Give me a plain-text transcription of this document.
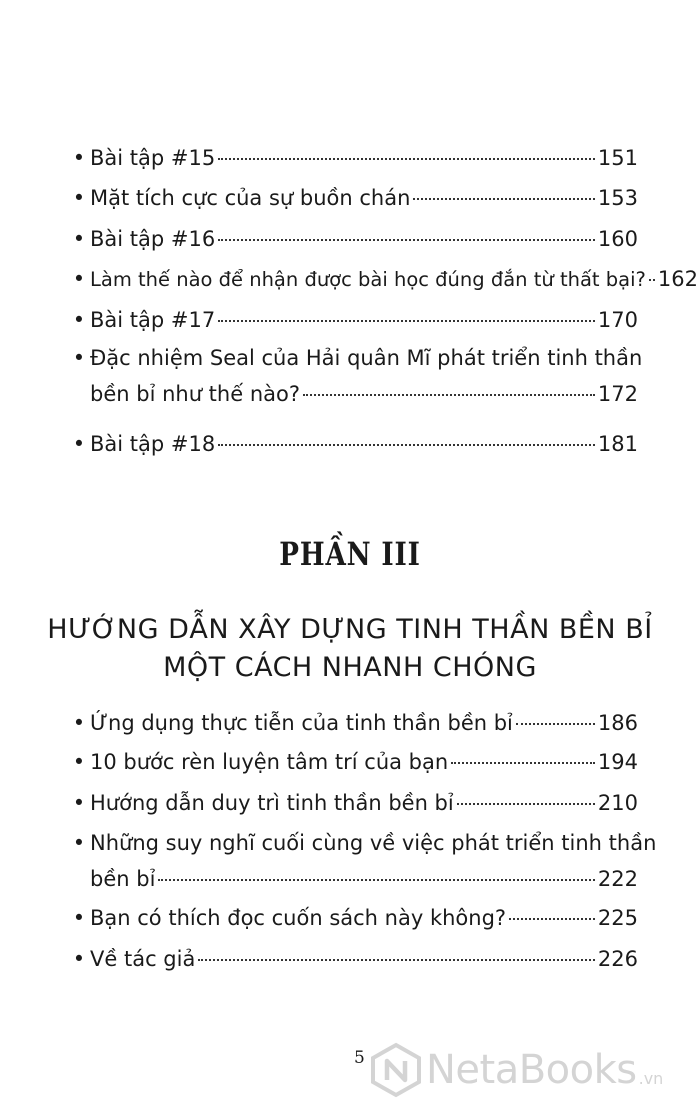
• Bài tập #15	151
• Mặt tích cực của sự buồn chán	153
• Bài tập #16	160
• Làm thế nào để nhận được bài học đúng đắn từ thất bại? 162
• Bài tập #17	170
• Đặc nhiệm Seal của Hải quân Mĩ phát triển tinh thần
bền bỉ như thế nào?	172
• Bài tập #18	181
PHẦN III
HƯỚNG DẪN XÂY DỰNG TINH THẦN BỀN BỈ
MỘT CÁCH NHANH CHÓNG
• Ứng dụng thực tiễn của tinh thần bền bỉ	186
• 10 bước rèn luyện tâm trí của bạn	194
• Hướng dẫn duy trì tinh thần bền bỉ	210
• Những suy nghĩ cuối cùng về việc phát triển tinh thần
bền bỉ	222
• Bạn có thích đọc cuốn sách này không?	225
• Về tác giả	226
5 NetaBooks .vn
